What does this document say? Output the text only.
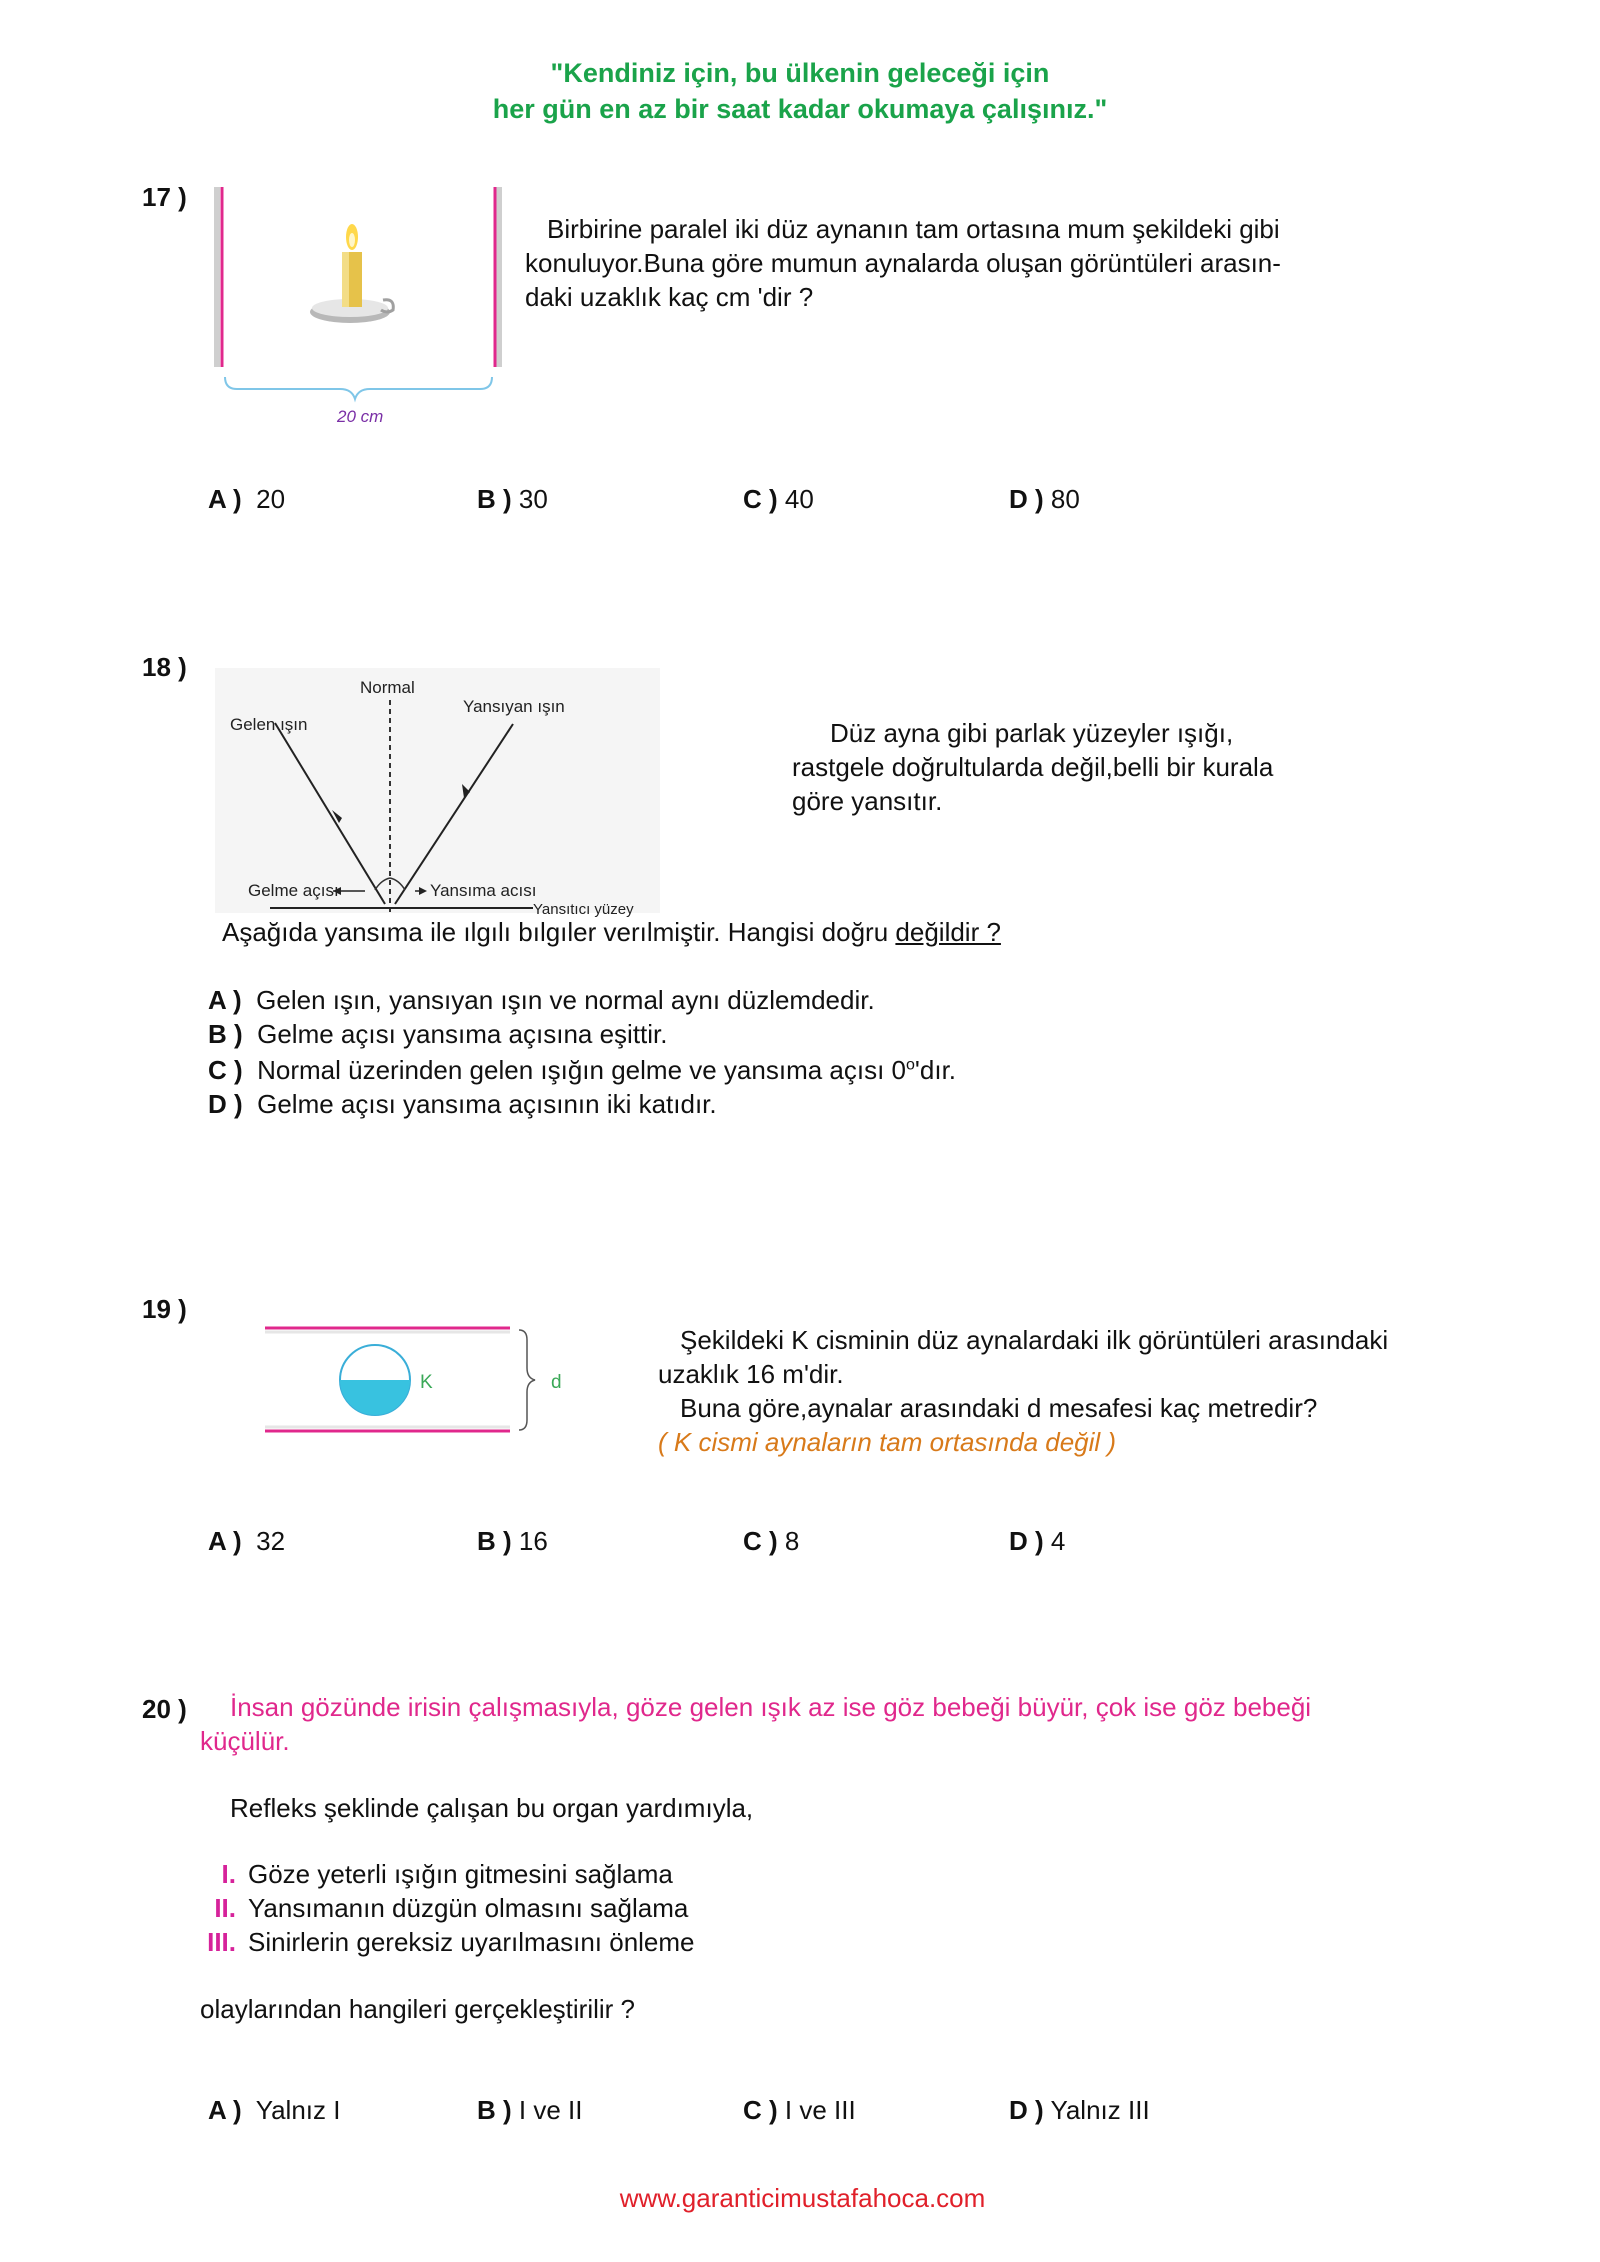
"Kendiniz için, bu ülkenin geleceği için
her gün en az bir saat kadar okumaya çalışınız."
17 )
20 cm
Birbirine paralel iki düz aynanın tam ortasına mum şekildeki gibi
konuluyor.Buna göre mumun aynalarda oluşan görüntüleri arasın-
daki uzaklık kaç cm 'dir ?
A ) 20	B ) 30	C ) 40	D ) 80
18 )
Normal
Gelen ışın
Yansıyan ışın
Gelme açısı	Yansıma acısı
Yansıtıcı yüzey
Düz ayna gibi parlak yüzeyler ışığı,
rastgele doğrultularda değil,belli bir kurala
göre yansıtır.
Aşağıda yansıma ile ılgılı bılgıler verılmiştir. Hangisi doğru değildir ?
A ) Gelen ışın, yansıyan ışın ve normal aynı düzlemdedir.
B ) Gelme açısı yansıma açısına eşittir.
C ) Normal üzerinden gelen ışığın gelme ve yansıma açısı 0$^o$'dır.
D ) Gelme açısı yansıma açısının iki katıdır.
19 )
K	d
Şekildeki K cisminin düz aynalardaki ilk görüntüleri arasındaki
uzaklık 16 m'dir.
Buna göre,aynalar arasındaki d mesafesi kaç metredir?
( K cismi aynaların tam ortasında değil )
A ) 32	B ) 16	C ) 8	D ) 4
20 ) İnsan gözünde irisin çalışmasıyla, göze gelen ışık az ise göz bebeği büyür, çok ise göz bebeği
küçülür.
Refleks şeklinde çalışan bu organ yardımıyla,
I. Göze yeterli ışığın gitmesini sağlama
II. Yansımanın düzgün olmasını sağlama
III. Sinirlerin gereksiz uyarılmasını önleme
olaylarından hangileri gerçekleştirilir ?
A ) Yalnız I	B ) I ve II	C ) I ve III	D ) Yalnız III
www.garanticimustafahoca.com
